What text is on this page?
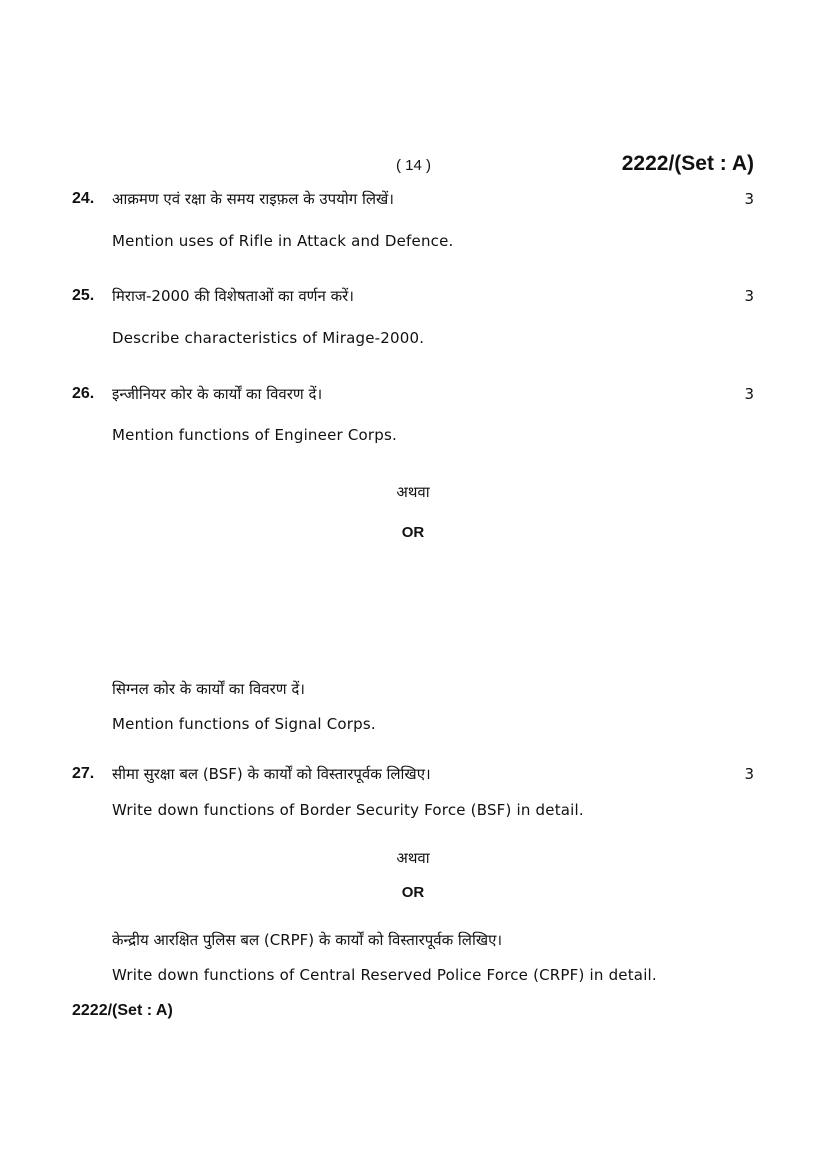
( 14 )	2222/(Set : A)
24. आक्रमण एवं रक्षा के समय राइफ़ल के उपयोग लिखें।	3
Mention uses of Rifle in Attack and Defence.
25. मिराज-2000 की विशेषताओं का वर्णन करें।	3
Describe characteristics of Mirage-2000.
26. इन्जीनियर कोर के कार्यों का विवरण दें।	3
Mention functions of Engineer Corps.
अथवा
OR
सिग्नल कोर के कार्यों का विवरण दें।
Mention functions of Signal Corps.
27. सीमा सुरक्षा बल (BSF) के कार्यों को विस्तारपूर्वक लिखिए।	3
Write down functions of Border Security Force (BSF) in detail.
अथवा
OR
केन्द्रीय आरक्षित पुलिस बल (CRPF) के कार्यों को विस्तारपूर्वक लिखिए।
Write down functions of Central Reserved Police Force (CRPF) in detail.
2222/(Set : A)
